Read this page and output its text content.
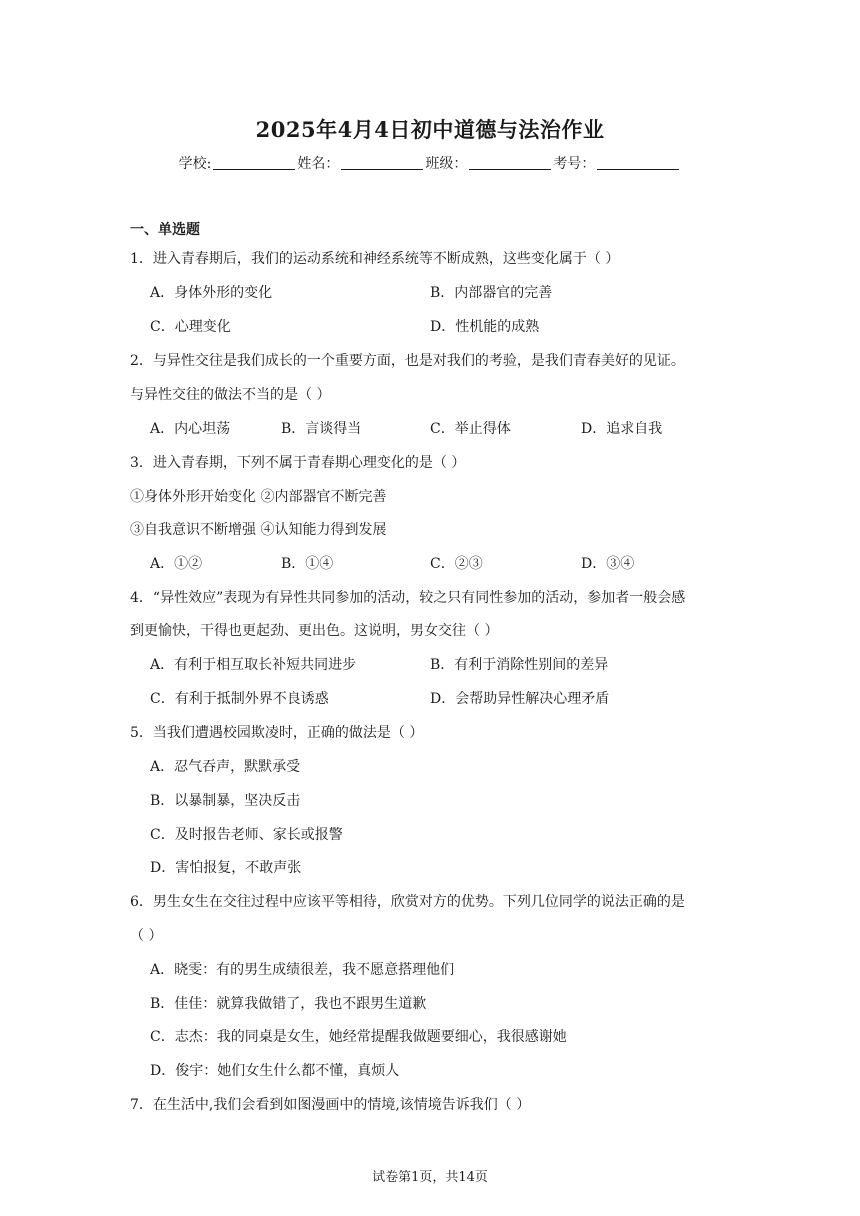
2025年4月4日初中道德与法治作业
学校:	姓名：	班级：	考号：
一、单选题
1．进入青春期后，我们的运动系统和神经系统等不断成熟，这些变化属于（ ）
A．身体外形的变化	B．内部器官的完善
C．心理变化	D．性机能的成熟
2．与异性交往是我们成长的一个重要方面，也是对我们的考验，是我们青春美好的见证。
与异性交往的做法不当的是（ ）
A．内心坦荡	B．言谈得当	C．举止得体	D．追求自我
3．进入青春期，下列不属于青春期心理变化的是（ ）
①身体外形开始变化 ②内部器官不断完善
③自我意识不断增强 ④认知能力得到发展
A．①②	B．①④	C．②③	D．③④
4．“异性效应”表现为有异性共同参加的活动，较之只有同性参加的活动，参加者一般会感
到更愉快，干得也更起劲、更出色。这说明，男女交往（ ）
A．有利于相互取长补短共同进步	B．有利于消除性别间的差异
C．有利于抵制外界不良诱惑	D．会帮助异性解决心理矛盾
5．当我们遭遇校园欺凌时，正确的做法是（ ）
A．忍气吞声，默默承受
B．以暴制暴，坚决反击
C．及时报告老师、家长或报警
D．害怕报复，不敢声张
6．男生女生在交往过程中应该平等相待，欣赏对方的优势。下列几位同学的说法正确的是
（ ）
A．晓雯：有的男生成绩很差，我不愿意搭理他们
B．佳佳：就算我做错了，我也不跟男生道歉
C．志杰：我的同桌是女生，她经常提醒我做题要细心，我很感谢她
D．俊宇：她们女生什么都不懂，真烦人
7．在生活中,我们会看到如图漫画中的情境,该情境告诉我们（ ）
试卷第1页，共14页
